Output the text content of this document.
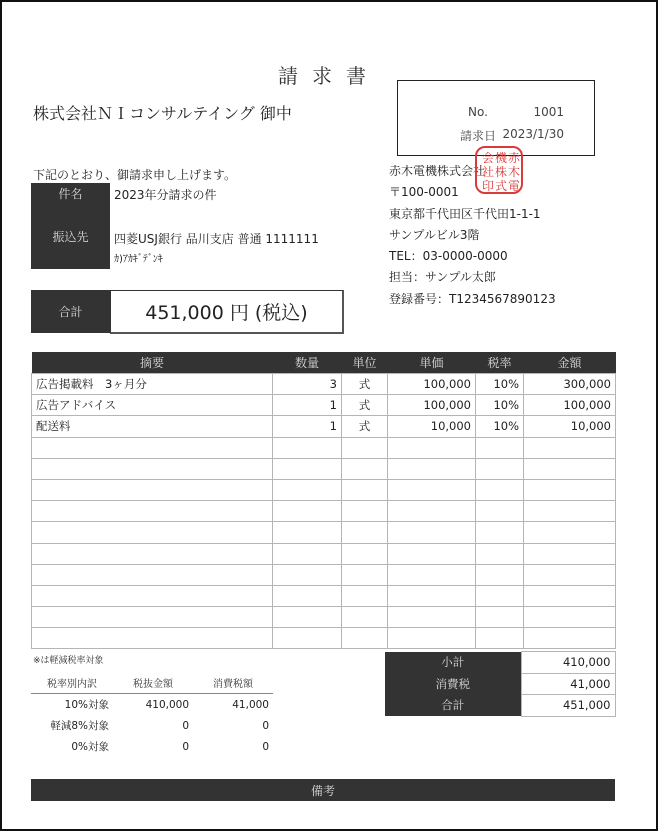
請求書
株式会社ＮＩコンサルテイング 御中	No.	1001
請求日 2023/1/30
下記のとおり、御請求申し上げます。
件名	2023年分請求の件
振込先	四菱USJ銀行 品川支店 普通 1111111
ｶ)ｱｶｷﾞﾃﾞﾝｷ
合計	451,000 円 (税込)
赤木電機株式会社
〒100-0001
東京都千代田区千代田1-1-1
サンプルビル3階
TEL：03-0000-0000
担当：サンプル太郎
登録番号：T1234567890123
会
社
印
機
株
式
赤
木
電
摘要	数量	単位	単価	税率	金額
広告掲載料　3ヶ月分	3	式	100,000	10%	300,000
広告アドバイス	1	式	100,000	10%	100,000
配送料	1	式	10,000	10%	10,000

※は軽減税率対象
税率別内訳	税抜金額	消費税額
10%対象	410,000	41,000
軽減8%対象	0	0
0%対象	0	0
小計	410,000
消費税	41,000
合計	451,000
備考
